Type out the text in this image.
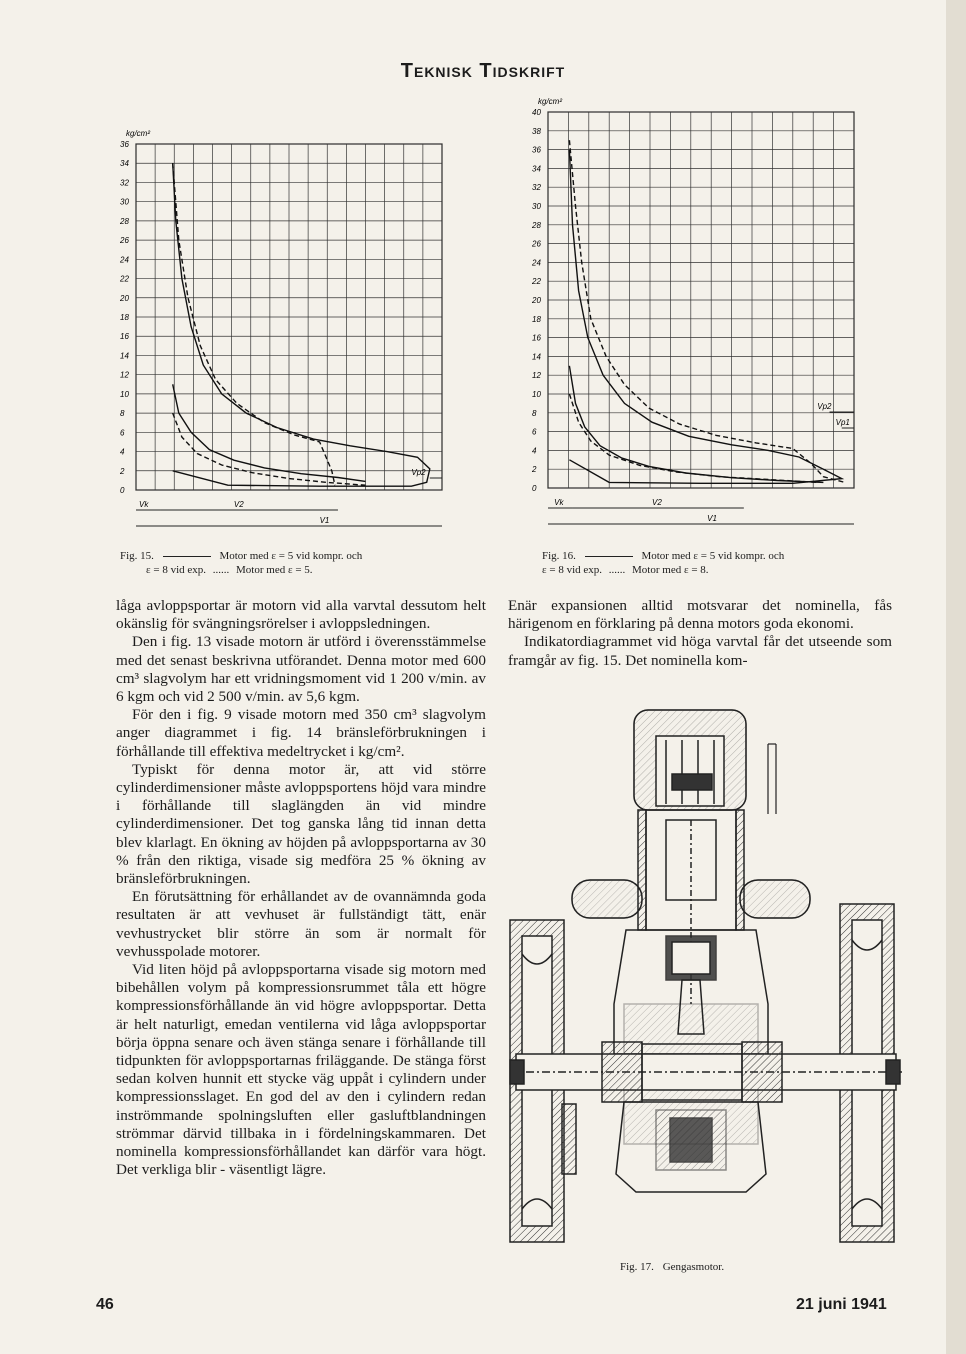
Teknisk Tidskrift
0
2
4
6
8
10
12
14
16
18
20
22
24
26
28
30
32
34
36
kg/cm²
Vk	V2
V1
Vp2
Fig. 15.	Motor med ε = 5 vid kompr. och
ε = 8 vid exp. ...... Motor med ε = 5.
0
2
4
6
8
10
12
14
16
18
20
22
24
26
28
30
32
34
36
38
40
kg/cm²
Vk	V2
V1
Vp2
Vp1
Fig. 16.	Motor med ε = 5 vid kompr. och
ε = 8 vid exp. ...... Motor med ε = 8.

låga avloppsportar är motorn vid alla varvtal dessutom helt okänslig för svängningsrörelser i avloppsledningen.

Den i fig. 13 visade motorn är utförd i överensstämmelse med det senast beskrivna utförandet. Denna motor med 600 cm³ slagvolym har ett vridningsmoment vid 1 200 v/min. av 6 kgm och vid 2 500 v/min. av 5,6 kgm.

För den i fig. 9 visade motorn med 350 cm³ slagvolym anger diagrammet i fig. 14 bränsleförbrukningen i förhållande till effektiva medeltrycket i kg/cm².

Typiskt för denna motor är, att vid större cylinderdimensioner måste avloppsportens höjd vara mindre i förhållande till slaglängden än vid mindre cylinderdimensioner. Det tog ganska lång tid innan detta blev klarlagt. En ökning av höjden på avloppsportarna av 30 % från den riktiga, visade sig medföra 25 % ökning av bränsleförbrukningen.

En förutsättning för erhållandet av de ovannämnda goda resultaten är att vevhuset är fullständigt tätt, enär vevhustrycket blir större än som är normalt för vevhusspolade motorer.

Vid liten höjd på avloppsportarna visade sig motorn med bibehållen volym på kompressionsrummet tåla ett högre kompressionsförhållande än vid högre avloppsportar. Detta är helt naturligt, emedan ventilerna vid låga avloppsportar börja öppna senare och även stänga senare i förhållande till tidpunkten för avloppsportarnas friläggande. De stänga först sedan kolven hunnit ett stycke väg uppåt i cylindern under kompressionsslaget. En god del av den i cylindern redan inströmmande spolningsluften eller gasluftblandningen strömmar därvid tillbaka in i fördelningskammaren. Det nominella kompressionsförhållandet kan därför vara högt. Det verkliga blir - väsentligt lägre.

Enär expansionen alltid motsvarar det nominella, fås härigenom en förklaring på denna motors goda ekonomi.

Indikatordiagrammet vid höga varvtal får det utseende som framgår av fig. 15. Det nominella kom-

Fig. 17. Gengasmotor.
46	21 juni 1941
